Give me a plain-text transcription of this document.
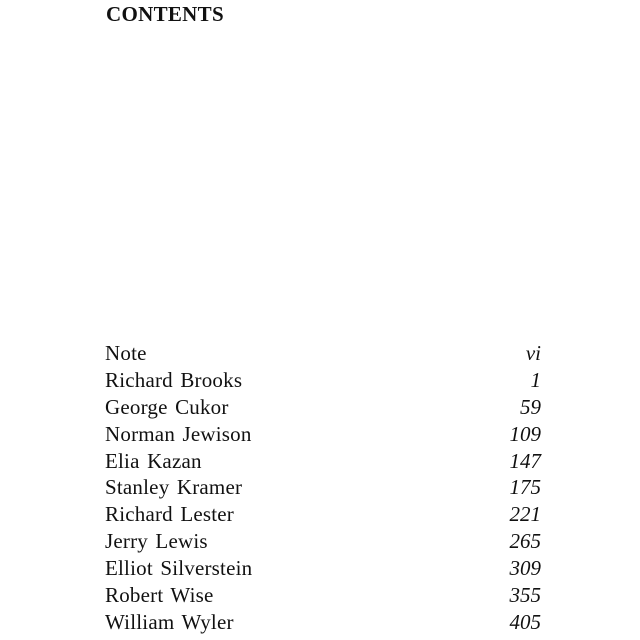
CONTENTS
Note	vi
Richard Brooks	1
George Cukor	59
Norman Jewison	109
Elia Kazan	147
Stanley Kramer	175
Richard Lester	221
Jerry Lewis	265
Elliot Silverstein	309
Robert Wise	355
William Wyler	405
